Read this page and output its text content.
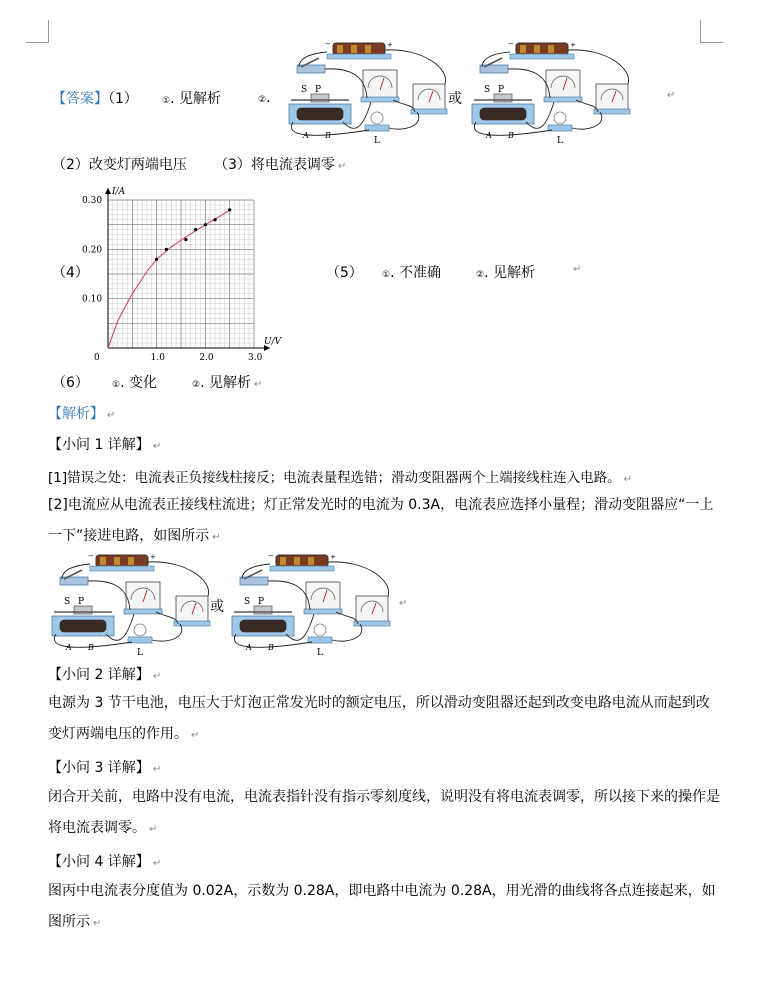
【答案】（1）	①. 见解析	②.	S P
A B
L
或
S P
A B
L
↵
（2）改变灯两端电压 （3）将电流表调零 ↵
（4）
0	1.0	2.0	3.0
0.10
0.20
0.30
U/V
I/A
（5） ①. 不准确	②. 见解析	↵
（6）	①. 变化	②. 见解析 ↵
【解析】 ↵
【小问 1 详解】 ↵
[1]错误之处：电流表正负接线柱接反；电流表量程选错；滑动变阻器两个上端接线柱连入电路。 ↵
[2]电流应从电流表正接线柱流进；灯正常发光时的电流为 0.3A，电流表应选择小量程；滑动变阻器应“一上一下”接进电路，如图所示 ↵
S P
A B
L
或 S P
A B
L
↵
【小问 2 详解】 ↵
电源为 3 节干电池，电压大于灯泡正常发光时的额定电压，所以滑动变阻器还起到改变电路电流从而起到改变灯两端电压的作用。 ↵
【小问 3 详解】 ↵
闭合开关前，电路中没有电流，电流表指针没有指示零刻度线，说明没有将电流表调零，所以接下来的操作是将电流表调零。 ↵
【小问 4 详解】 ↵
图丙中电流表分度值为 0.02A，示数为 0.28A，即电路中电流为 0.28A，用光滑的曲线将各点连接起来，如图所示 ↵
